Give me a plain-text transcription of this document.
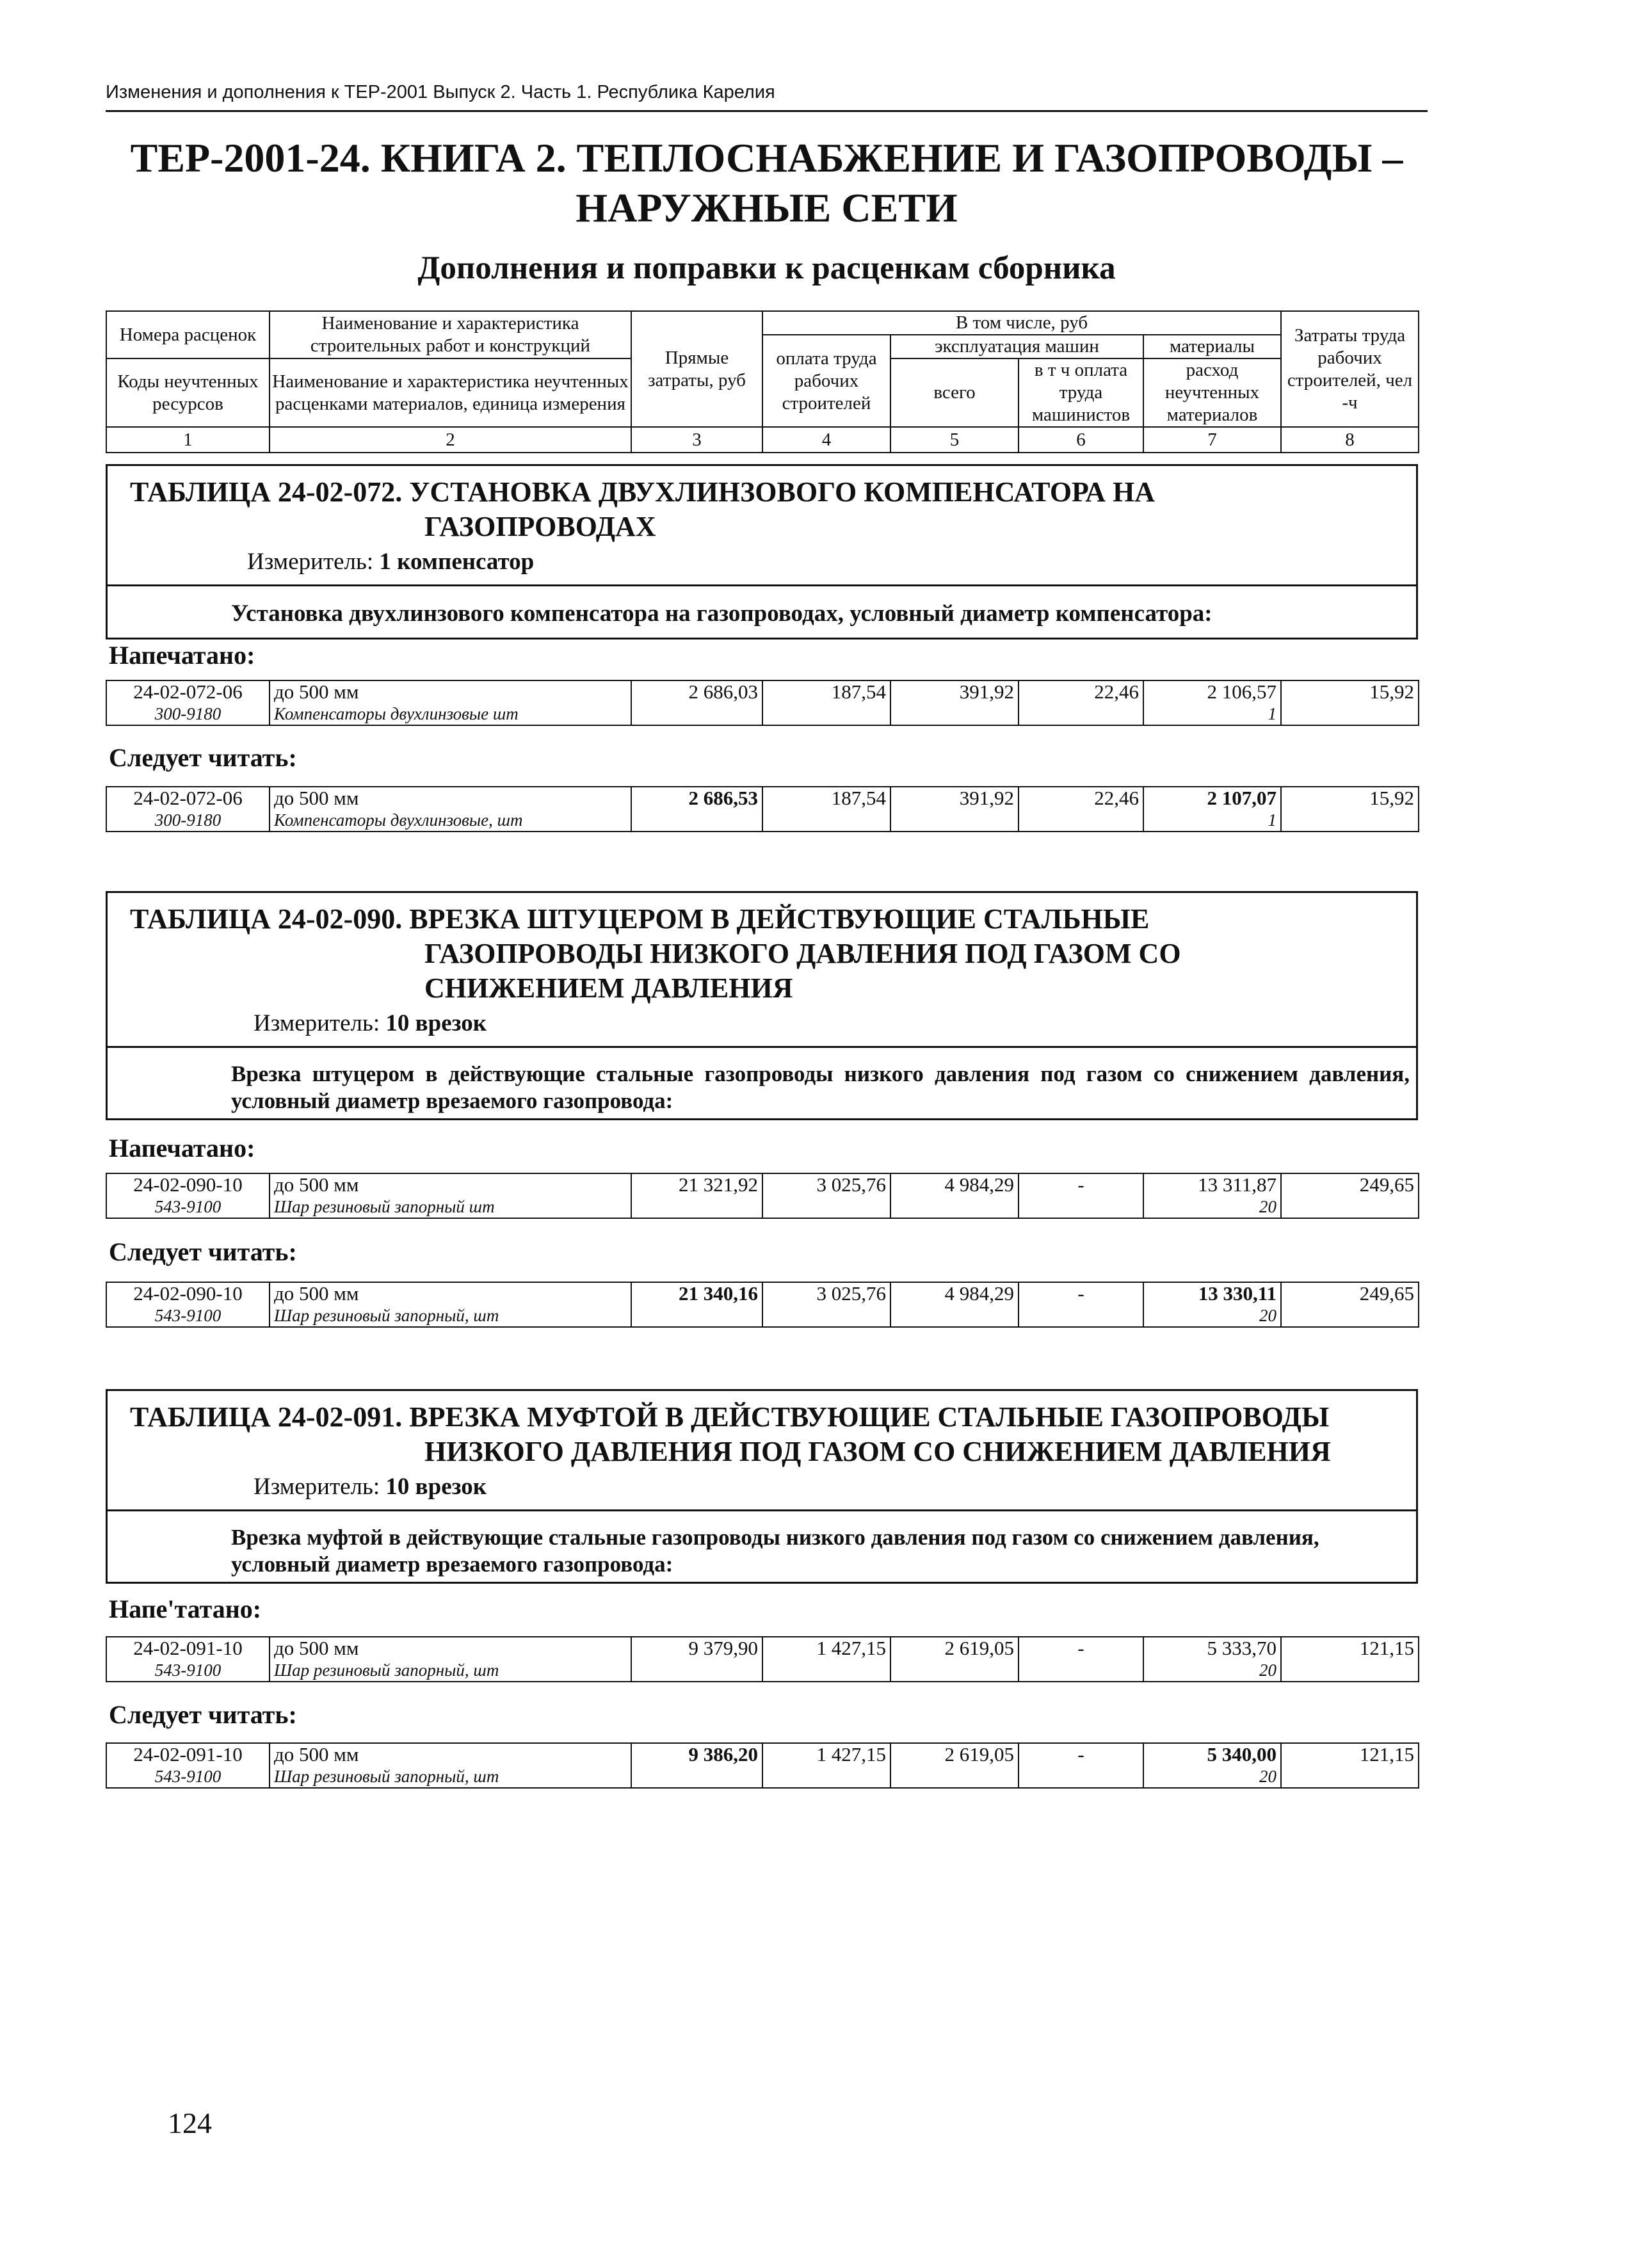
Изменения и дополнения к ТЕР-2001 Выпуск 2. Часть 1. Республика Карелия
ТЕР-2001-24. КНИГА 2. ТЕПЛОСНАБЖЕНИЕ И ГАЗОПРОВОДЫ –
НАРУЖНЫЕ СЕТИ
Дополнения и поправки к расценкам сборника
Номера расценок	Наименование и характеристика строительных работ и конструкций	Прямые затраты, руб	В том числе, руб				Затраты труда рабочих строителей, чел -ч
			оплата труда рабочих строителей	эксплуатация машин		материалы	
Коды неучтенных ресурсов	Наименование и характеристика неучтенных расценками материалов, единица измерения			всего	в т ч оплата труда машинистов	расход неучтенных материалов	

1	2	3	4	5	6	7	8
ТАБЛИЦА 24-02-072. УСТАНОВКА ДВУХЛИНЗОВОГО КОМПЕНСАТОРА НА
ГАЗОПРОВОДАХ
Измеритель: 1 компенсатор
Установка двухлинзового компенсатора на газопроводах, условный диаметр компенсатора:
Напечатано:
24-02-072-06	до 500 мм	2 686,03	187,54	391,92	22,46	2 106,57	15,92
300-9180	Компенсаторы двухлинзовые шт					1	
Следует читать:
24-02-072-06	до 500 мм	2 686,53	187,54	391,92	22,46	2 107,07	15,92
300-9180	Компенсаторы двухлинзовые, шт					1	
ТАБЛИЦА 24-02-090. ВРЕЗКА ШТУЦЕРОМ В ДЕЙСТВУЮЩИЕ СТАЛЬНЫЕ
ГАЗОПРОВОДЫ НИЗКОГО ДАВЛЕНИЯ ПОД ГАЗОМ СО
СНИЖЕНИЕМ ДАВЛЕНИЯ
Измеритель: 10 врезок
Врезка штуцером в действующие стальные газопроводы низкого давления под газом со снижением давления, условный диаметр врезаемого газопровода:
Напечатано:
24-02-090-10	до 500 мм	21 321,92	3 025,76	4 984,29	-	13 311,87	249,65
543-9100	Шар резиновый запорный шт					20	
Следует читать:
24-02-090-10	до 500 мм	21 340,16	3 025,76	4 984,29	-	13 330,11	249,65
543-9100	Шар резиновый запорный, шт					20	
ТАБЛИЦА 24-02-091. ВРЕЗКА МУФТОЙ В ДЕЙСТВУЮЩИЕ СТАЛЬНЫЕ ГАЗОПРОВОДЫ
НИЗКОГО ДАВЛЕНИЯ ПОД ГАЗОМ СО СНИЖЕНИЕМ ДАВЛЕНИЯ
Измеритель: 10 врезок
Врезка муфтой в действующие стальные газопроводы низкого давления под газом со снижением давления, условный диаметр врезаемого газопровода:
Напе'татано:
24-02-091-10	до 500 мм	9 379,90	1 427,15	2 619,05	-	5 333,70	121,15
543-9100	Шар резиновый запорный, шт					20	
Следует читать:
24-02-091-10	до 500 мм	9 386,20	1 427,15	2 619,05	-	5 340,00	121,15
543-9100	Шар резиновый запорный, шт					20	
124
